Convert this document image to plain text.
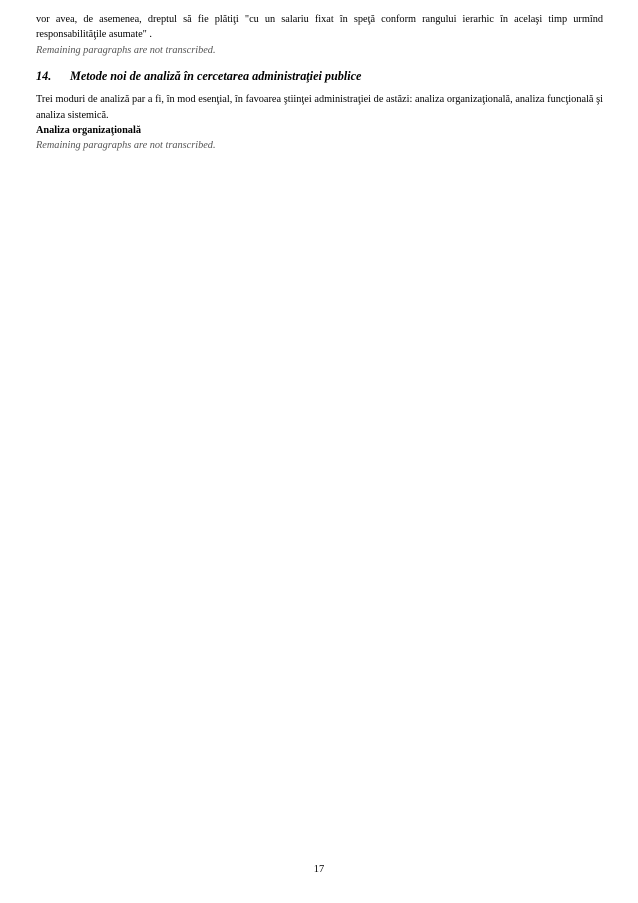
vor avea, de asemenea, dreptul să fie plătiţi "cu un salariu fixat în speţă conform rangului ierarhic în acelaşi timp urmînd responsabilităţile asumate" .

Remaining paragraphs are not transcribed.

14. Metode noi de analiză în cercetarea administraţiei publice

Trei moduri de analiză par a fi, în mod esenţial, în favoarea ştiinţei administraţiei de astăzi: analiza organizaţională, analiza funcţională şi analiza sistemică.

Analiza organizaţională

Remaining paragraphs are not transcribed.

17
